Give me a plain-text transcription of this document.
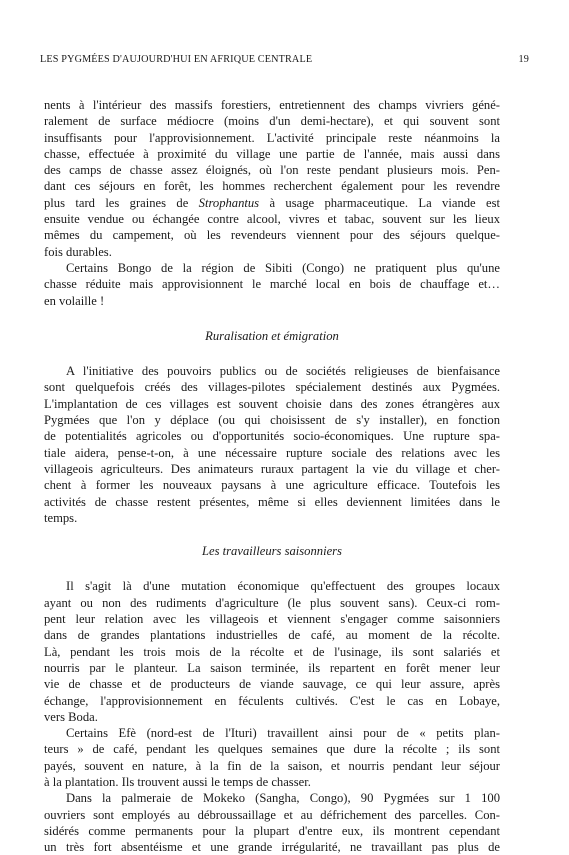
LES PYGMÉES D'AUJOURD'HUI EN AFRIQUE CENTRALE	19

nents à l'intérieur des massifs forestiers, entretiennent des champs vivriers géné-
ralement de surface médiocre (moins d'un demi-hectare), et qui souvent sont
insuffisants pour l'approvisionnement. L'activité principale reste néanmoins la
chasse, effectuée à proximité du village une partie de l'année, mais aussi dans
des camps de chasse assez éloignés, où l'on reste pendant plusieurs mois. Pen-
dant ces séjours en forêt, les hommes recherchent également pour les revendre
plus tard les graines de Strophantus à usage pharmaceutique. La viande est
ensuite vendue ou échangée contre alcool, vivres et tabac, souvent sur les lieux
mêmes du campement, où les revendeurs viennent pour des séjours quelque-
fois durables.

Certains Bongo de la région de Sibiti (Congo) ne pratiquent plus qu'une
chasse réduite mais approvisionnent le marché local en bois de chauffage et…
en volaille !

Ruralisation et émigration

A l'initiative des pouvoirs publics ou de sociétés religieuses de bienfaisance
sont quelquefois créés des villages-pilotes spécialement destinés aux Pygmées.
L'implantation de ces villages est souvent choisie dans des zones étrangères aux
Pygmées que l'on y déplace (ou qui choisissent de s'y installer), en fonction
de potentialités agricoles ou d'opportunités socio-économiques. Une rupture spa-
tiale aidera, pense-t-on, à une nécessaire rupture sociale des relations avec les
villageois agriculteurs. Des animateurs ruraux partagent la vie du village et cher-
chent à former les nouveaux paysans à une agriculture efficace. Toutefois les
activités de chasse restent présentes, même si elles deviennent limitées dans le
temps.

Les travailleurs saisonniers

Il s'agit là d'une mutation économique qu'effectuent des groupes locaux
ayant ou non des rudiments d'agriculture (le plus souvent sans). Ceux-ci rom-
pent leur relation avec les villageois et viennent s'engager comme saisonniers
dans de grandes plantations industrielles de café, au moment de la récolte.
Là, pendant les trois mois de la récolte et de l'usinage, ils sont salariés et
nourris par le planteur. La saison terminée, ils repartent en forêt mener leur
vie de chasse et de producteurs de viande sauvage, ce qui leur assure, après
échange, l'approvisionnement en féculents cultivés. C'est le cas en Lobaye,
vers Boda.

Certains Efè (nord-est de l'Ituri) travaillent ainsi pour de « petits plan-
teurs » de café, pendant les quelques semaines que dure la récolte ; ils sont
payés, souvent en nature, à la fin de la saison, et nourris pendant leur séjour
à la plantation. Ils trouvent aussi le temps de chasser.

Dans la palmeraie de Mokeko (Sangha, Congo), 90 Pygmées sur 1 100
ouvriers sont employés au débroussaillage et au défrichement des parcelles. Con-
sidérés comme permanents pour la plupart d'entre eux, ils montrent cependant
un très fort absentéisme et une grande irrégularité, ne travaillant pas plus de
